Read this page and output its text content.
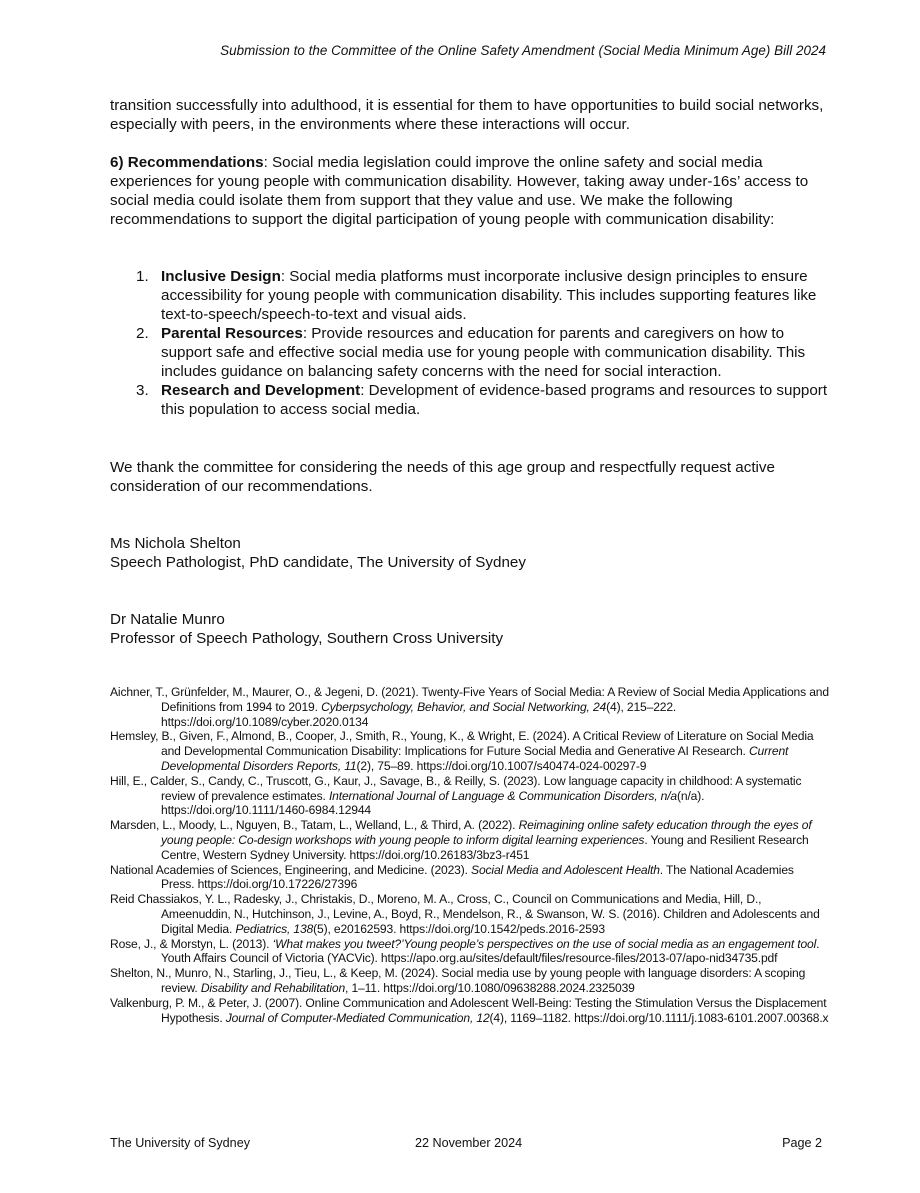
Submission to the Committee of the Online Safety Amendment (Social Media Minimum Age) Bill 2024

transition successfully into adulthood, it is essential for them to have opportunities to build social networks, especially with peers, in the environments where these interactions will occur.

6) Recommendations: Social media legislation could improve the online safety and social media experiences for young people with communication disability. However, taking away under-16s’ access to social media could isolate them from support that they value and use. We make the following recommendations to support the digital participation of young people with communication disability:

1. Inclusive Design: Social media platforms must incorporate inclusive design principles to ensure accessibility for young people with communication disability. This includes supporting features like text-to-speech/speech-to-text and visual aids.
2. Parental Resources: Provide resources and education for parents and caregivers on how to support safe and effective social media use for young people with communication disability. This includes guidance on balancing safety concerns with the need for social interaction.
3. Research and Development: Development of evidence-based programs and resources to support this population to access social media.

We thank the committee for considering the needs of this age group and respectfully request active consideration of our recommendations.

Ms Nichola Shelton
Speech Pathologist, PhD candidate, The University of Sydney
Dr Natalie Munro
Professor of Speech Pathology, Southern Cross University

Aichner, T., Grünfelder, M., Maurer, O., & Jegeni, D. (2021). Twenty-Five Years of Social Media: A Review of Social Media Applications and Definitions from 1994 to 2019. Cyberpsychology, Behavior, and Social Networking, 24(4), 215–222. https://doi.org/10.1089/cyber.2020.0134

Hemsley, B., Given, F., Almond, B., Cooper, J., Smith, R., Young, K., & Wright, E. (2024). A Critical Review of Literature on Social Media and Developmental Communication Disability: Implications for Future Social Media and Generative AI Research. Current Developmental Disorders Reports, 11(2), 75–89. https://doi.org/10.1007/s40474-024-00297-9

Hill, E., Calder, S., Candy, C., Truscott, G., Kaur, J., Savage, B., & Reilly, S. (2023). Low language capacity in childhood: A systematic review of prevalence estimates. International Journal of Language & Communication Disorders, n/a(n/a). https://doi.org/10.1111/1460-6984.12944

Marsden, L., Moody, L., Nguyen, B., Tatam, L., Welland, L., & Third, A. (2022). Reimagining online safety education through the eyes of young people: Co-design workshops with young people to inform digital learning experiences. Young and Resilient Research Centre, Western Sydney University. https://doi.org/10.26183/3bz3-r451

National Academies of Sciences, Engineering, and Medicine. (2023). Social Media and Adolescent Health. The National Academies Press. https://doi.org/10.17226/27396

Reid Chassiakos, Y. L., Radesky, J., Christakis, D., Moreno, M. A., Cross, C., Council on Communications and Media, Hill, D., Ameenuddin, N., Hutchinson, J., Levine, A., Boyd, R., Mendelson, R., & Swanson, W. S. (2016). Children and Adolescents and Digital Media. Pediatrics, 138(5), e20162593. https://doi.org/10.1542/peds.2016-2593

Rose, J., & Morstyn, L. (2013). ‘What makes you tweet?’Young people’s perspectives on the use of social media as an engagement tool. Youth Affairs Council of Victoria (YACVic). https://apo.org.au/sites/default/files/resource-files/2013-07/apo-nid34735.pdf

Shelton, N., Munro, N., Starling, J., Tieu, L., & Keep, M. (2024). Social media use by young people with language disorders: A scoping review. Disability and Rehabilitation, 1–11. https://doi.org/10.1080/09638288.2024.2325039

Valkenburg, P. M., & Peter, J. (2007). Online Communication and Adolescent Well-Being: Testing the Stimulation Versus the Displacement Hypothesis. Journal of Computer-Mediated Communication, 12(4), 1169–1182. https://doi.org/10.1111/j.1083-6101.2007.00368.x

The University of Sydney	22 November 2024	Page 2
